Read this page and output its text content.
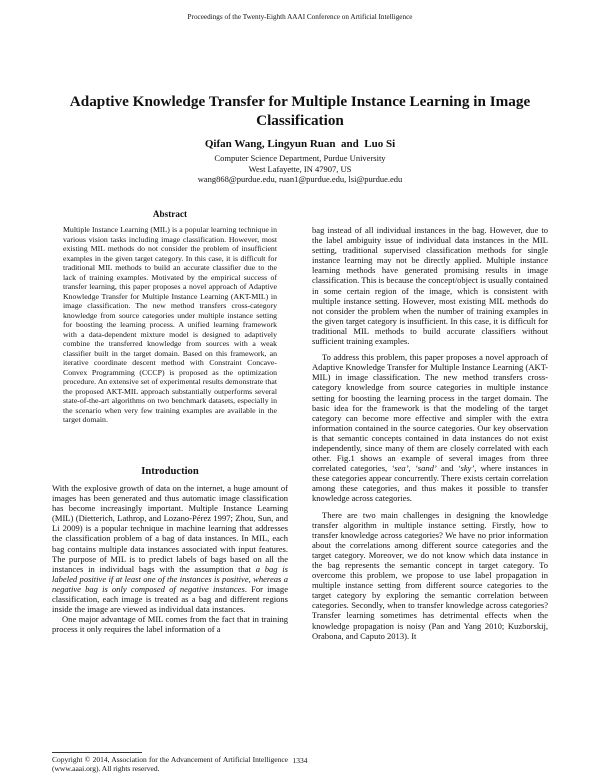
Proceedings of the Twenty-Eighth AAAI Conference on Artificial Intelligence
Adaptive Knowledge Transfer for Multiple Instance Learning in Image Classification
Qifan Wang, Lingyun Ruan  and  Luo Si
Computer Science Department, Purdue University
West Lafayette, IN 47907, US
wang868@purdue.edu, ruan1@purdue.edu, lsi@purdue.edu
Abstract
Multiple Instance Learning (MIL) is a popular learning technique in various vision tasks including image classification. However, most existing MIL methods do not consider the problem of insufficient examples in the given target category. In this case, it is difficult for traditional MIL methods to build an accurate classifier due to the lack of training examples. Motivated by the empirical success of transfer learning, this paper proposes a novel approach of Adaptive Knowledge Transfer for Multiple Instance Learning (AKT-MIL) in image classification. The new method transfers cross-category knowledge from source categories under multiple instance setting for boosting the learning process. A unified learning framework with a data-dependent mixture model is designed to adaptively combine the transferred knowledge from sources with a weak classifier built in the target domain. Based on this framework, an iterative coordinate descent method with Constraint Concave-Convex Programming (CCCP) is proposed as the optimization procedure. An extensive set of experimental results demonstrate that the proposed AKT-MIL approach substantially outperforms several state-of-the-art algorithms on two benchmark datasets, especially in the scenario when very few training examples are available in the target domain.
Introduction

With the explosive growth of data on the internet, a huge amount of images has been generated and thus automatic image classification has become increasingly important. Multiple Instance Learning (MIL) (Dietterich, Lathrop, and Lozano-Pérez 1997; Zhou, Sun, and Li 2009) is a popular technique in machine learning that addresses the classification problem of a bag of data instances. In MIL, each bag contains multiple data instances associated with input features. The purpose of MIL is to predict labels of bags based on all the instances in individual bags with the assumption that a bag is labeled positive if at least one of the instances is positive, whereas a negative bag is only composed of negative instances. For image classification, each image is treated as a bag and different regions inside the image are viewed as individual data instances.

One major advantage of MIL comes from the fact that in training process it only requires the label information of a

Copyright © 2014, Association for the Advancement of Artificial Intelligence (www.aaai.org). All rights reserved.

bag instead of all individual instances in the bag. However, due to the label ambiguity issue of individual data instances in the MIL setting, traditional supervised classification methods for single instance learning may not be directly applied. Multiple instance learning methods have generated promising results in image classification. This is because the concept/object is usually contained in some certain region of the image, which is consistent with multiple instance setting. However, most existing MIL methods do not consider the problem when the number of training examples in the given target category is insufficient. In this case, it is difficult for traditional MIL methods to build accurate classifiers without sufficient training examples.

To address this problem, this paper proposes a novel approach of Adaptive Knowledge Transfer for Multiple Instance Learning (AKT-MIL) in image classification. The new method transfers cross-category knowledge from source categories in multiple instance setting for boosting the learning process in the target domain. The basic idea for the framework is that the modeling of the target category can become more effective and simpler with the extra information contained in the source categories. Our key observation is that semantic concepts contained in data instances do not exist independently, since many of them are closely correlated with each other. Fig.1 shows an example of several images from three correlated categories, ‘sea’, ‘sand’ and ‘sky’, where instances in these categories appear concurrently. There exists certain correlation among these categories, and thus makes it possible to transfer knowledge across categories.

There are two main challenges in designing the knowledge transfer algorithm in multiple instance setting. Firstly, how to transfer knowledge across categories? We have no prior information about the correlations among different source categories and the target category. Moreover, we do not know which data instance in the bag represents the semantic concept in target category. To overcome this problem, we propose to use label propagation in multiple instance setting from different source categories to the target category by exploring the semantic correlation between categories. Secondly, when to transfer knowledge across categories? Transfer learning sometimes has detrimental effects when the knowledge propagation is noisy (Pan and Yang 2010; Kuzborskij, Orabona, and Caputo 2013). It

1334
